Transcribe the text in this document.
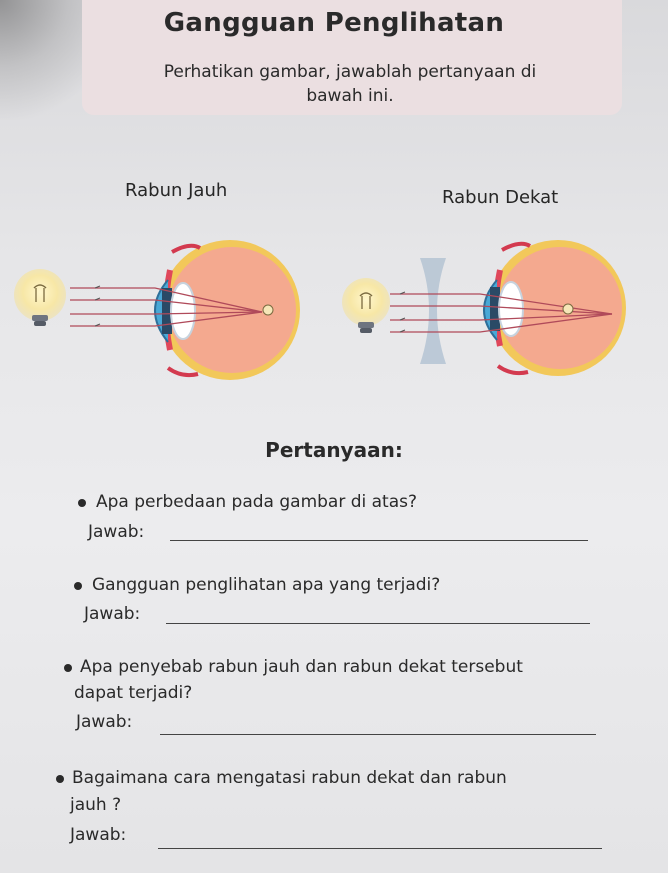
Gangguan Penglihatan
Perhatikan gambar, jawablah pertanyaan di
bawah ini.
Rabun Jauh	Rabun Dekat
Pertanyaan:
Apa perbedaan pada gambar di atas?
Jawab:
Gangguan penglihatan apa yang terjadi?
Jawab:
Apa penyebab rabun jauh dan rabun dekat tersebut
dapat terjadi?
Jawab:
Bagaimana cara mengatasi rabun dekat dan rabun
jauh ?
Jawab:
